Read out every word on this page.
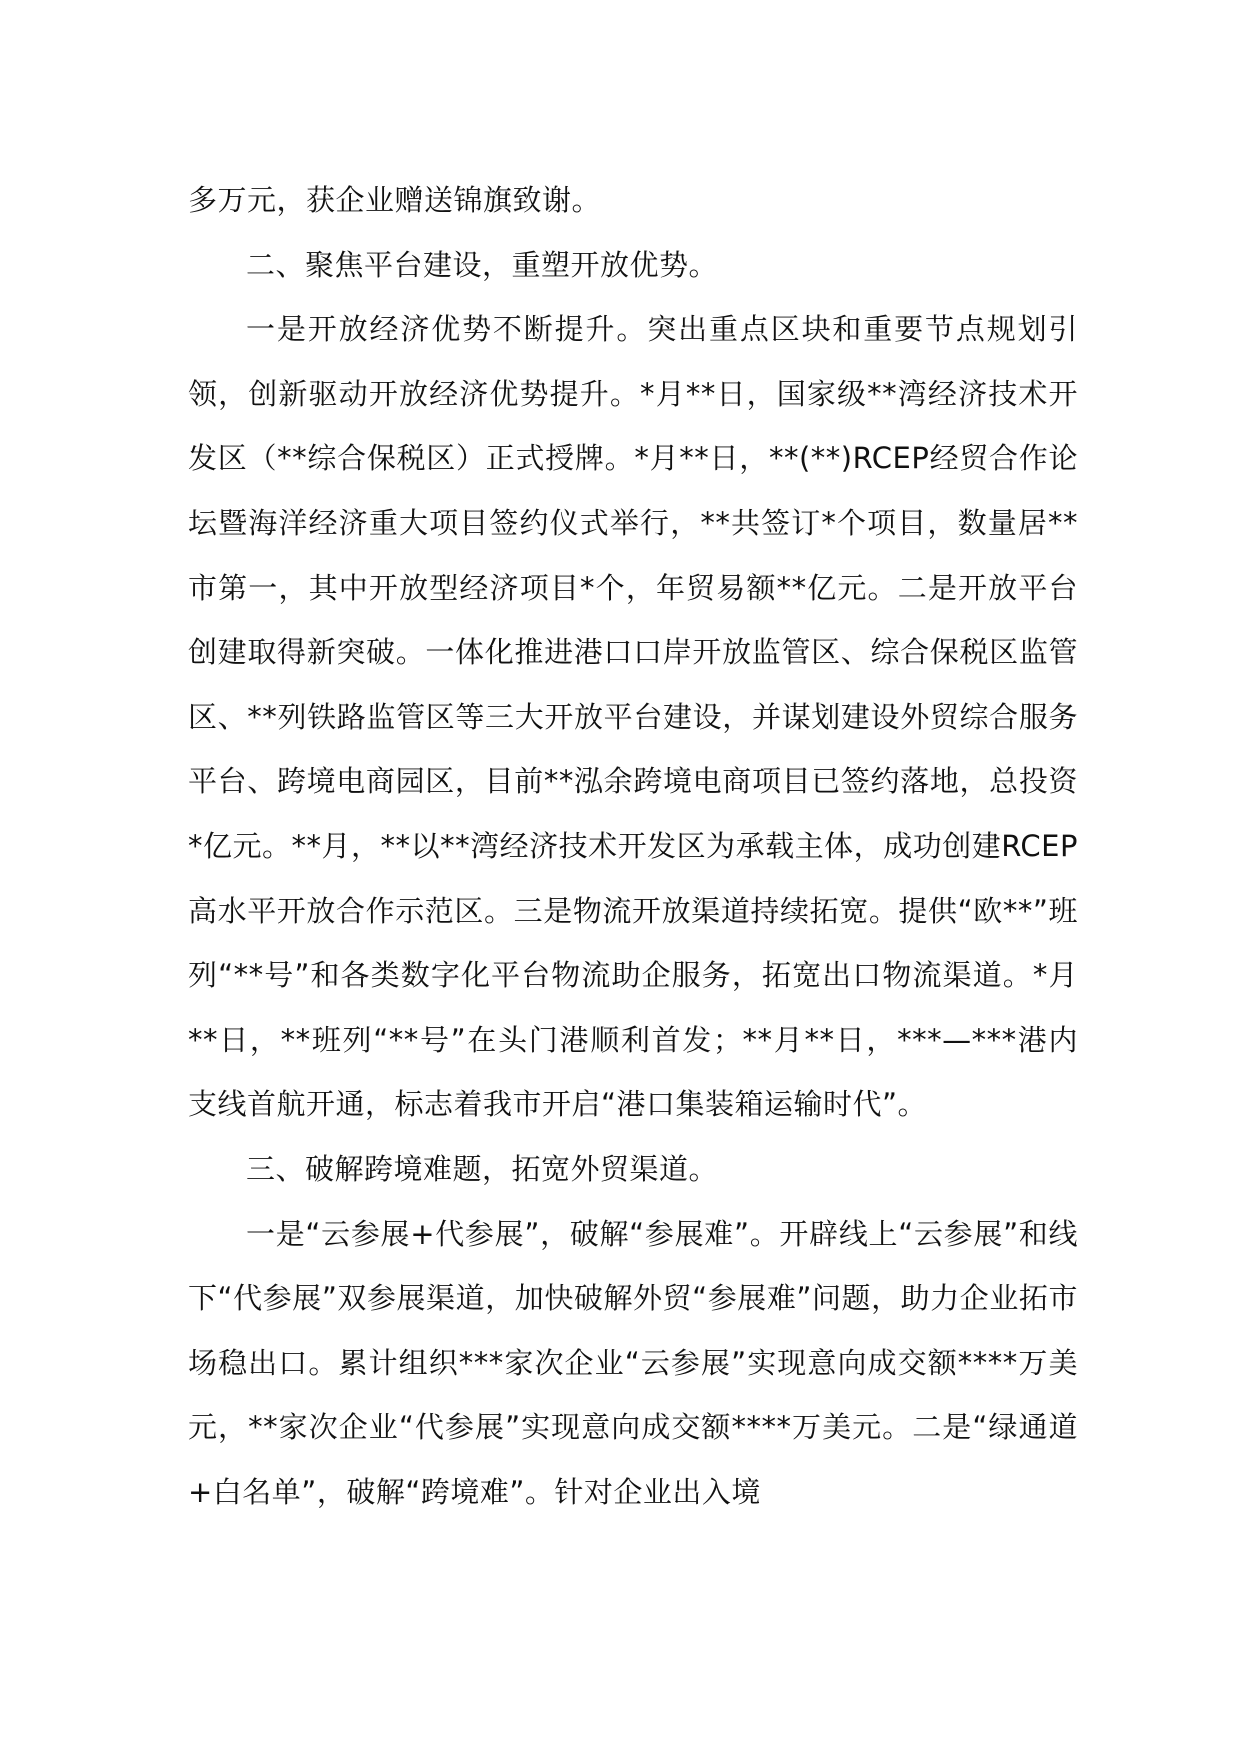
多万元，获企业赠送锦旗致谢。

二、聚焦平台建设，重塑开放优势。

一是开放经济优势不断提升。突出重点区块和重要节点规划引领，创新驱动开放经济优势提升。*月**日，国家级**湾经济技术开发区（**综合保税区）正式授牌。*月**日，**(**)RCEP经贸合作论坛暨海洋经济重大项目签约仪式举行，**共签订*个项目，数量居**市第一，其中开放型经济项目*个，年贸易额**亿元。二是开放平台创建取得新突破。一体化推进港口口岸开放监管区、综合保税区监管区、**列铁路监管区等三大开放平台建设，并谋划建设外贸综合服务平台、跨境电商园区，目前**泓余跨境电商项目已签约落地，总投资*亿元。**月，**以**湾经济技术开发区为承载主体，成功创建RCEP高水平开放合作示范区。三是物流开放渠道持续拓宽。提供“欧**”班列“**号”和各类数字化平台物流助企服务，拓宽出口物流渠道。*月**日，**班列“**号”在头门港顺利首发；**月**日，***—***港内支线首航开通，标志着我市开启“港口集装箱运输时代”。

三、破解跨境难题，拓宽外贸渠道。

一是“云参展+代参展”，破解“参展难”。开辟线上“云参展”和线下“代参展”双参展渠道，加快破解外贸“参展难”问题，助力企业拓市场稳出口。累计组织***家次企业“云参展”实现意向成交额****万美元，**家次企业“代参展”实现意向成交额****万美元。二是“绿通道+白名单”，破解“跨境难”。针对企业出入境
